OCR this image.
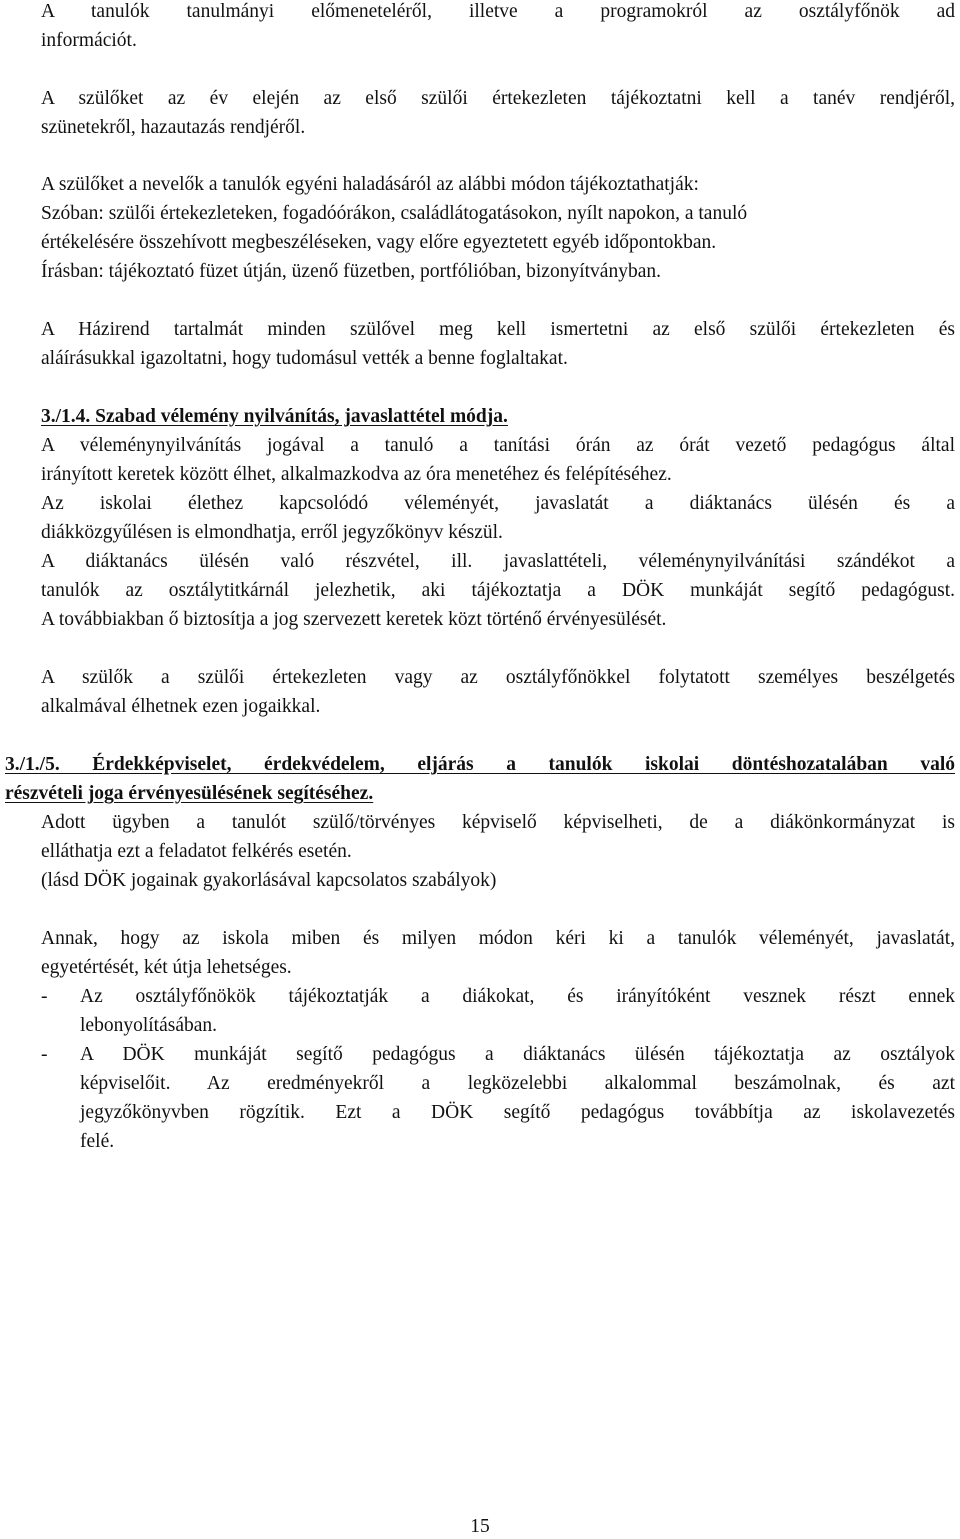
A tanulók tanulmányi előmeneteléről, illetve a programokról az osztályfőnök ad
információt.
A szülőket az év elején az első szülői értekezleten tájékoztatni kell a tanév rendjéről,
szünetekről, hazautazás rendjéről.
A szülőket a nevelők a tanulók egyéni haladásáról az alábbi módon tájékoztathatják:
Szóban: szülői értekezleteken, fogadóórákon, családlátogatásokon, nyílt napokon, a tanuló
értékelésére összehívott megbeszéléseken, vagy előre egyeztetett egyéb időpontokban.
Írásban: tájékoztató füzet útján, üzenő füzetben, portfólióban, bizonyítványban.
A Házirend tartalmát minden szülővel meg kell ismertetni az első szülői értekezleten és
aláírásukkal igazoltatni, hogy tudomásul vették a benne foglaltakat.
3./1.4. Szabad vélemény nyilvánítás, javaslattétel módja.
A véleménynyilvánítás jogával a tanuló a tanítási órán az órát vezető pedagógus által
irányított keretek között élhet, alkalmazkodva az óra menetéhez és felépítéséhez.
Az iskolai élethez kapcsolódó véleményét, javaslatát a diáktanács ülésén és a
diákközgyűlésen is elmondhatja, erről jegyzőkönyv készül.
A diáktanács ülésén való részvétel, ill. javaslattételi, véleménynyilvánítási szándékot a
tanulók az osztálytitkárnál jelezhetik, aki tájékoztatja a DÖK munkáját segítő pedagógust.
A továbbiakban ő biztosítja a jog szervezett keretek közt történő érvényesülését.
A szülők a szülői értekezleten vagy az osztályfőnökkel folytatott személyes beszélgetés
alkalmával élhetnek ezen jogaikkal.
3./1./5. Érdekképviselet, érdekvédelem, eljárás a tanulók iskolai döntéshozatalában való
részvételi joga érvényesülésének segítéséhez.
Adott ügyben a tanulót szülő/törvényes képviselő képviselheti, de a diákönkormányzat is
elláthatja ezt a feladatot felkérés esetén.
(lásd DÖK jogainak gyakorlásával kapcsolatos szabályok)
Annak, hogy az iskola miben és milyen módon kéri ki a tanulók véleményét, javaslatát,
egyetértését, két útja lehetséges.
- Az osztályfőnökök tájékoztatják a diákokat, és irányítóként vesznek részt ennek
lebonyolításában.
- A DÖK munkáját segítő pedagógus a diáktanács ülésén tájékoztatja az osztályok
képviselőit. Az eredményekről a legközelebbi alkalommal beszámolnak, és azt
jegyzőkönyvben rögzítik. Ezt a DÖK segítő pedagógus továbbítja az iskolavezetés
felé.
15
